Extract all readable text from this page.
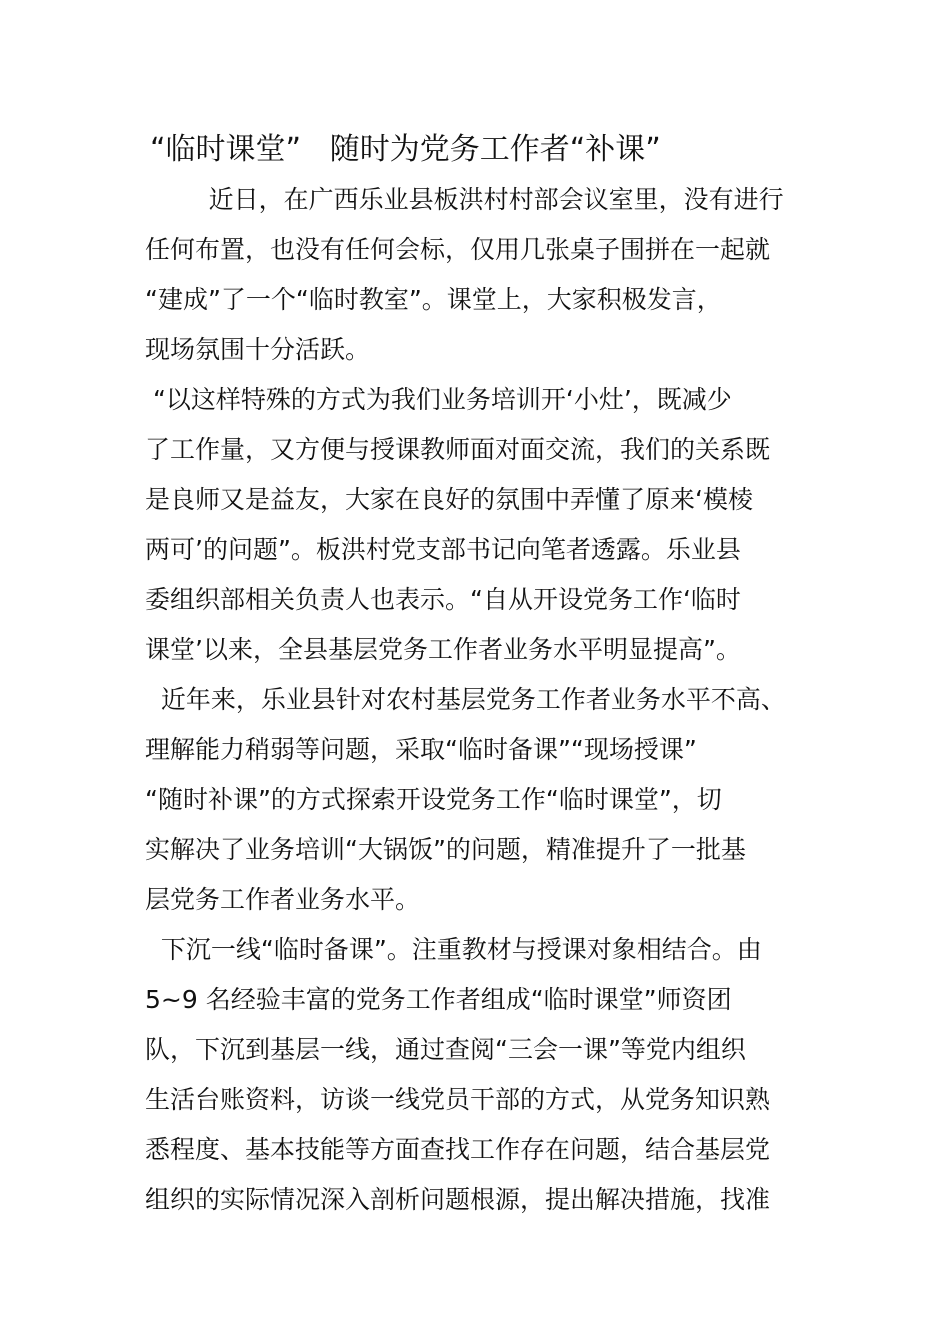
“临时课堂”   随时为党务工作者“补课”

近日，在广西乐业县板洪村村部会议室里，没有进行

任何布置，也没有任何会标，仅用几张桌子围拼在一起就

“建成”了一个“临时教室”。课堂上，大家积极发言，

现场氛围十分活跃。

“以这样特殊的方式为我们业务培训开‘小灶’，既减少

了工作量，又方便与授课教师面对面交流，我们的关系既

是良师又是益友，大家在良好的氛围中弄懂了原来‘模棱

两可’的问题”。板洪村党支部书记向笔者透露。乐业县

委组织部相关负责人也表示。“自从开设党务工作‘临时

课堂’以来，全县基层党务工作者业务水平明显提高”。

近年来，乐业县针对农村基层党务工作者业务水平不高、

理解能力稍弱等问题，采取“临时备课”“现场授课”

“随时补课”的方式探索开设党务工作“临时课堂”，切

实解决了业务培训“大锅饭”的问题，精准提升了一批基

层党务工作者业务水平。

下沉一线“临时备课”。注重教材与授课对象相结合。由

5~9 名经验丰富的党务工作者组成“临时课堂”师资团

队，下沉到基层一线，通过查阅“三会一课”等党内组织

生活台账资料，访谈一线党员干部的方式，从党务知识熟

悉程度、基本技能等方面查找工作存在问题，结合基层党

组织的实际情况深入剖析问题根源，提出解决措施，找准
